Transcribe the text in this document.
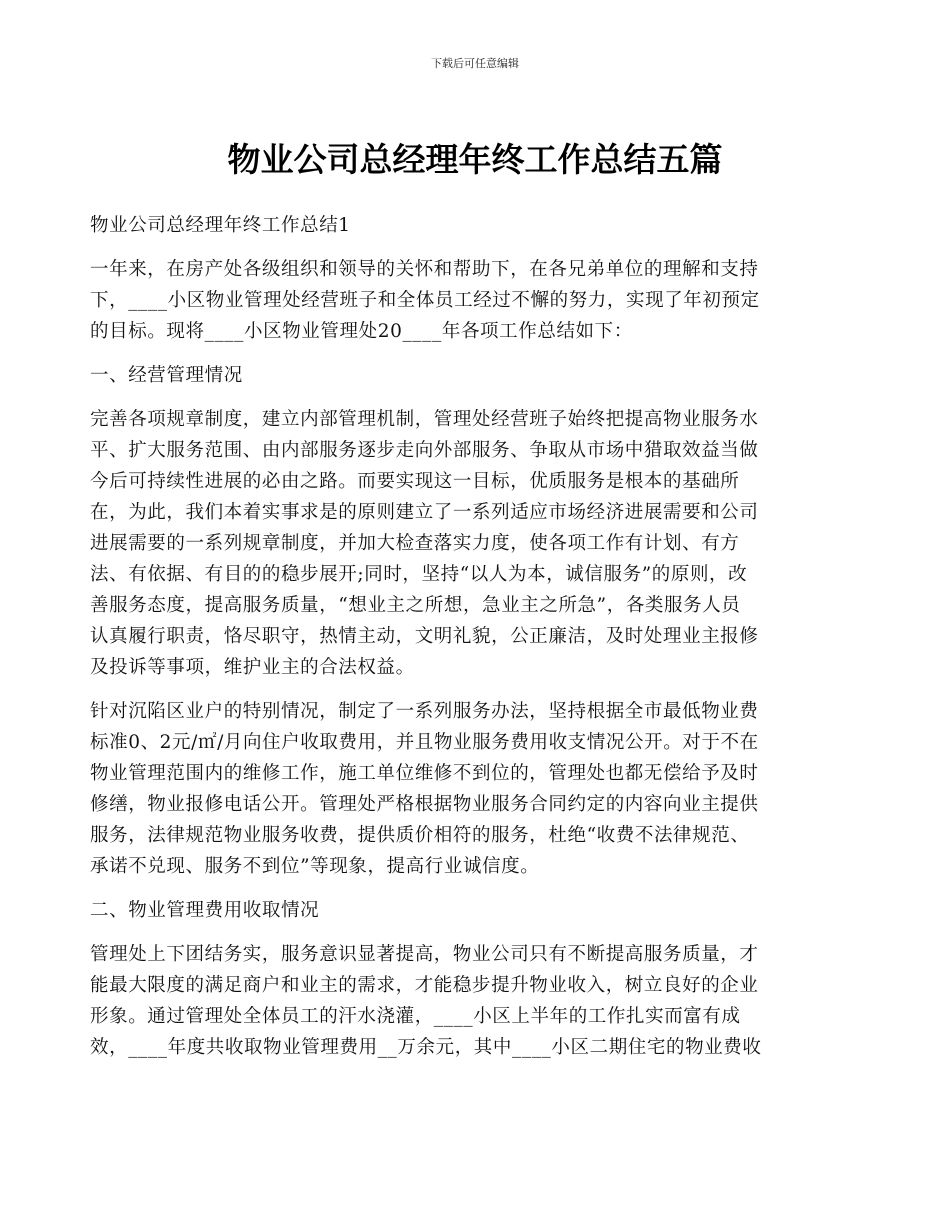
下载后可任意编辑
物业公司总经理年终工作总结五篇

物业公司总经理年终工作总结1

一年来，在房产处各级组织和领导的关怀和帮助下，在各兄弟单位的理解和支持
下，____小区物业管理处经营班子和全体员工经过不懈的努力，实现了年初预定
的目标。现将____小区物业管理处20____年各项工作总结如下：

一、经营管理情况

完善各项规章制度，建立内部管理机制，管理处经营班子始终把提高物业服务水
平、扩大服务范围、由内部服务逐步走向外部服务、争取从市场中猎取效益当做
今后可持续性进展的必由之路。而要实现这一目标，优质服务是根本的基础所
在，为此，我们本着实事求是的原则建立了一系列适应市场经济进展需要和公司
进展需要的一系列规章制度，并加大检查落实力度，使各项工作有计划、有方
法、有依据、有目的的稳步展开;同时，坚持“以人为本，诚信服务”的原则，改
善服务态度，提高服务质量，“想业主之所想，急业主之所急”，各类服务人员
认真履行职责，恪尽职守，热情主动，文明礼貌，公正廉洁，及时处理业主报修
及投诉等事项，维护业主的合法权益。

针对沉陷区业户的特别情况，制定了一系列服务办法，坚持根据全市最低物业费
标准0、2元/㎡/月向住户收取费用，并且物业服务费用收支情况公开。对于不在
物业管理范围内的维修工作，施工单位维修不到位的，管理处也都无偿给予及时
修缮，物业报修电话公开。管理处严格根据物业服务合同约定的内容向业主提供
服务，法律规范物业服务收费，提供质价相符的服务，杜绝“收费不法律规范、
承诺不兑现、服务不到位”等现象，提高行业诚信度。

二、物业管理费用收取情况

管理处上下团结务实，服务意识显著提高，物业公司只有不断提高服务质量，才
能最大限度的满足商户和业主的需求，才能稳步提升物业收入，树立良好的企业
形象。通过管理处全体员工的汗水浇灌，____小区上半年的工作扎实而富有成
效，____年度共收取物业管理费用__万余元，其中____小区二期住宅的物业费收
